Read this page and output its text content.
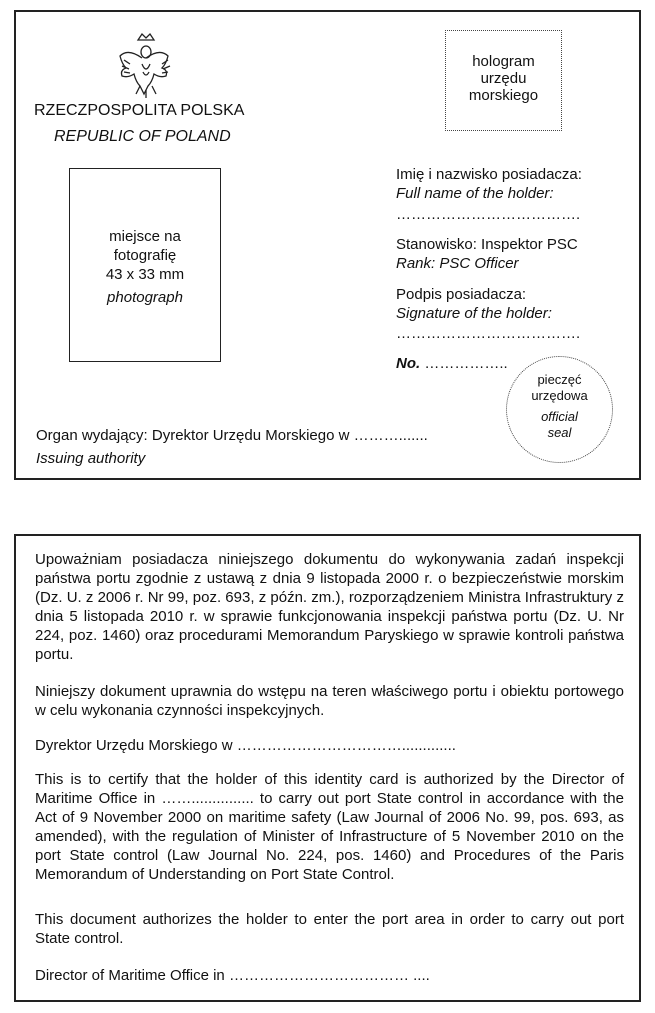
RZECZPOSPOLITA POLSKA
REPUBLIC OF POLAND
hologram
urzędu
morskiego
miejsce na
fotografię
43 x 33 mm
photograph
Imię i nazwisko posiadacza:
Full name of the holder:
……………………………….
Stanowisko: Inspektor PSC
Rank: PSC Officer
Podpis posiadacza:
Signature of the holder:
……………………………….
No. ……………..
pieczęć
urzędowa
official
seal
Organ wydający: Dyrektor Urzędu Morskiego w ……….......
Issuing authority

Upoważniam posiadacza niniejszego dokumentu do wykonywania zadań inspekcji państwa portu zgodnie z ustawą z dnia 9 listopada 2000 r. o bezpieczeństwie morskim (Dz. U. z 2006 r. Nr 99, poz. 693, z późn. zm.), rozporządzeniem Ministra Infrastruktury z dnia 5 listopada 2010 r. w sprawie funkcjonowania inspekcji państwa portu (Dz. U. Nr 224, poz. 1460) oraz procedurami Memorandum Paryskiego w sprawie kontroli państwa portu.

Niniejszy dokument uprawnia do wstępu na teren właściwego portu i obiektu portowego w celu wykonania czynności inspekcyjnych.

Dyrektor Urzędu Morskiego w …………………………….............

This is to certify that the holder of this identity card is authorized by the Director of Maritime Office in ……............... to carry out port State control in accordance with the Act of 9 November 2000 on maritime safety (Law Journal of 2006 No. 99, pos. 693, as amended), with the regulation of Minister of Infrastructure of 5 November 2010 on the port State control (Law Journal No. 224, pos. 1460) and Procedures of the Paris Memorandum of Understanding on Port State Control.

This document authorizes the holder to enter the port area in order to carry out port State control.

Director of Maritime Office in ……………………………… ....
